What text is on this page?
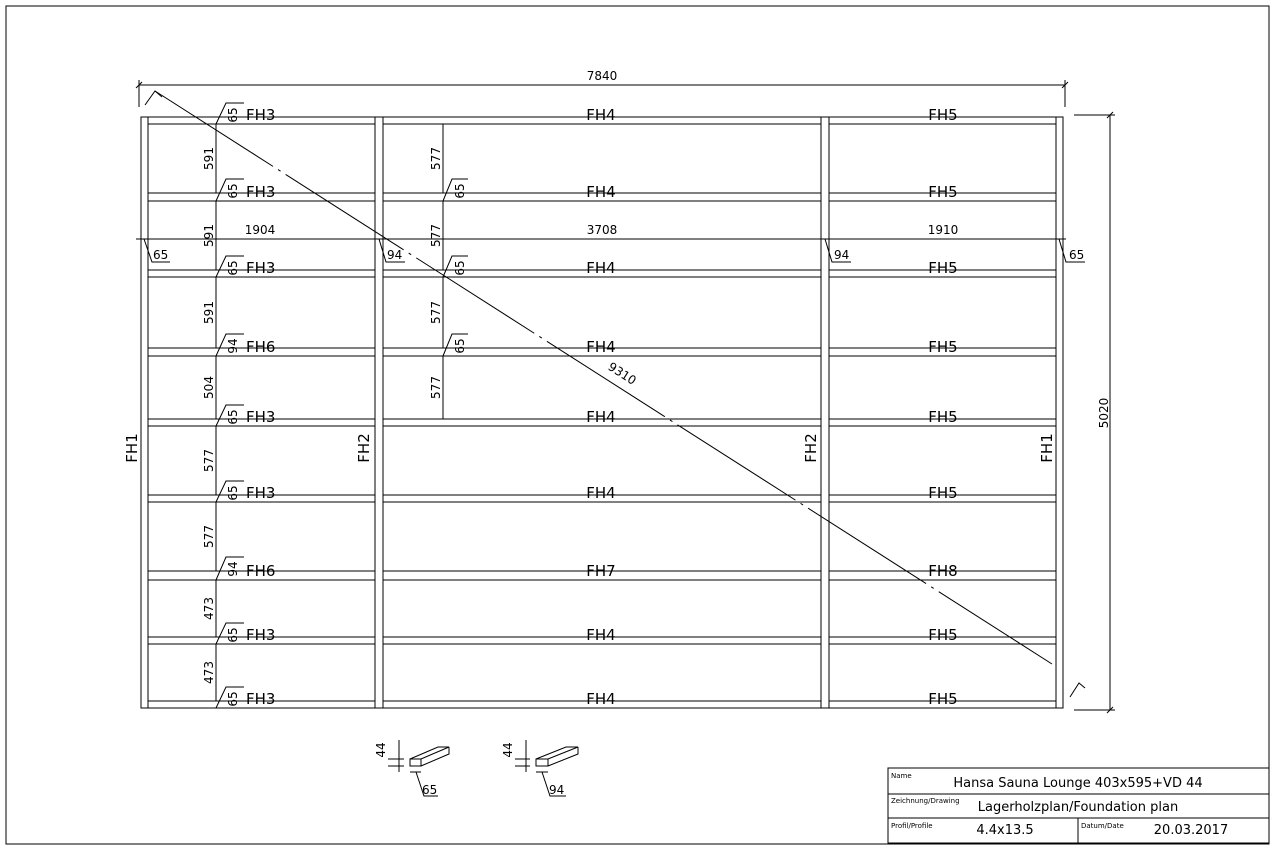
FH1	FH2	FH2	FH1
FH3	FH4	FH5
65
591	577
FH3	FH4	FH5
65
591
65
577
FH3	FH4	FH5
65
591
65
577
FH6	FH4	FH5
94
504
65
577
FH3	FH4	FH5
65
577
FH3	FH4	FH5
65
577
FH6	FH7	FH8
94
473
FH3	FH4	FH5
65
473
FH3	FH4	FH5
65
7840
5020
1904	3708	1910
65	94	94	65
9310
44
65
44
94
Name	Hansa Sauna Lounge 403x595+VD 44
Zeichnung/Drawing Lagerholzplan/Foundation plan
Profil/Profile	4.4x13.5	Datum/Date 20.03.2017
